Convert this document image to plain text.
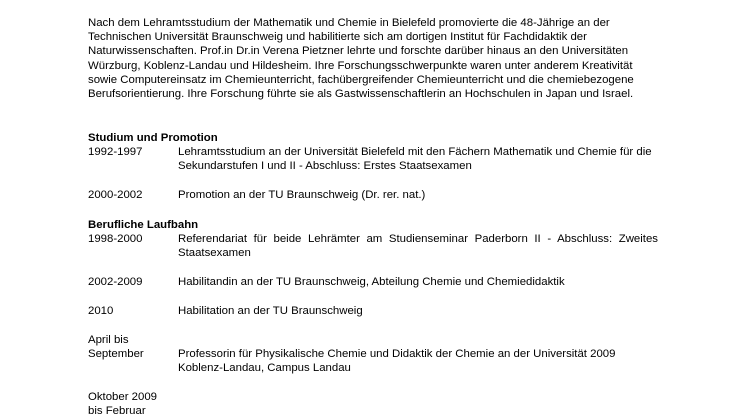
Nach dem Lehramtsstudium der Mathematik und Chemie in Bielefeld promovierte die 48-Jährige an der Technischen Universität Braunschweig und habilitierte sich am dortigen Institut für Fachdidaktik der Naturwissenschaften. Prof.in Dr.in Verena Pietzner lehrte und forschte darüber hinaus an den Universitäten Würzburg, Koblenz-Landau und Hildesheim. Ihre Forschungsschwerpunkte waren unter anderem Kreativität sowie Computereinsatz im Chemieunterricht, fachübergreifender Chemieunterricht und die chemiebezogene Berufsorientierung. Ihre Forschung führte sie als Gastwissenschaftlerin an Hochschulen in Japan und Israel.

Studium und Promotion

1992-1997	Lehramtsstudium an der Universität Bielefeld mit den Fächern Mathematik und Chemie für die Sekundarstufen I und II - Abschluss: Erstes Staatsexamen

2000-2002	Promotion an der TU Braunschweig (Dr. rer. nat.)

Berufliche Laufbahn

1998-2000	Referendariat für beide Lehrämter am Studienseminar Paderborn II - Abschluss: Zweites Staatsexamen

2002-2009	Habilitandin an der TU Braunschweig, Abteilung Chemie und Chemiedidaktik

2010	Habilitation an der TU Braunschweig

April bis

September	Professorin für Physikalische Chemie und Didaktik der Chemie an der Universität 2009 Koblenz-Landau, Campus Landau

Oktober 2009

bis Februar
